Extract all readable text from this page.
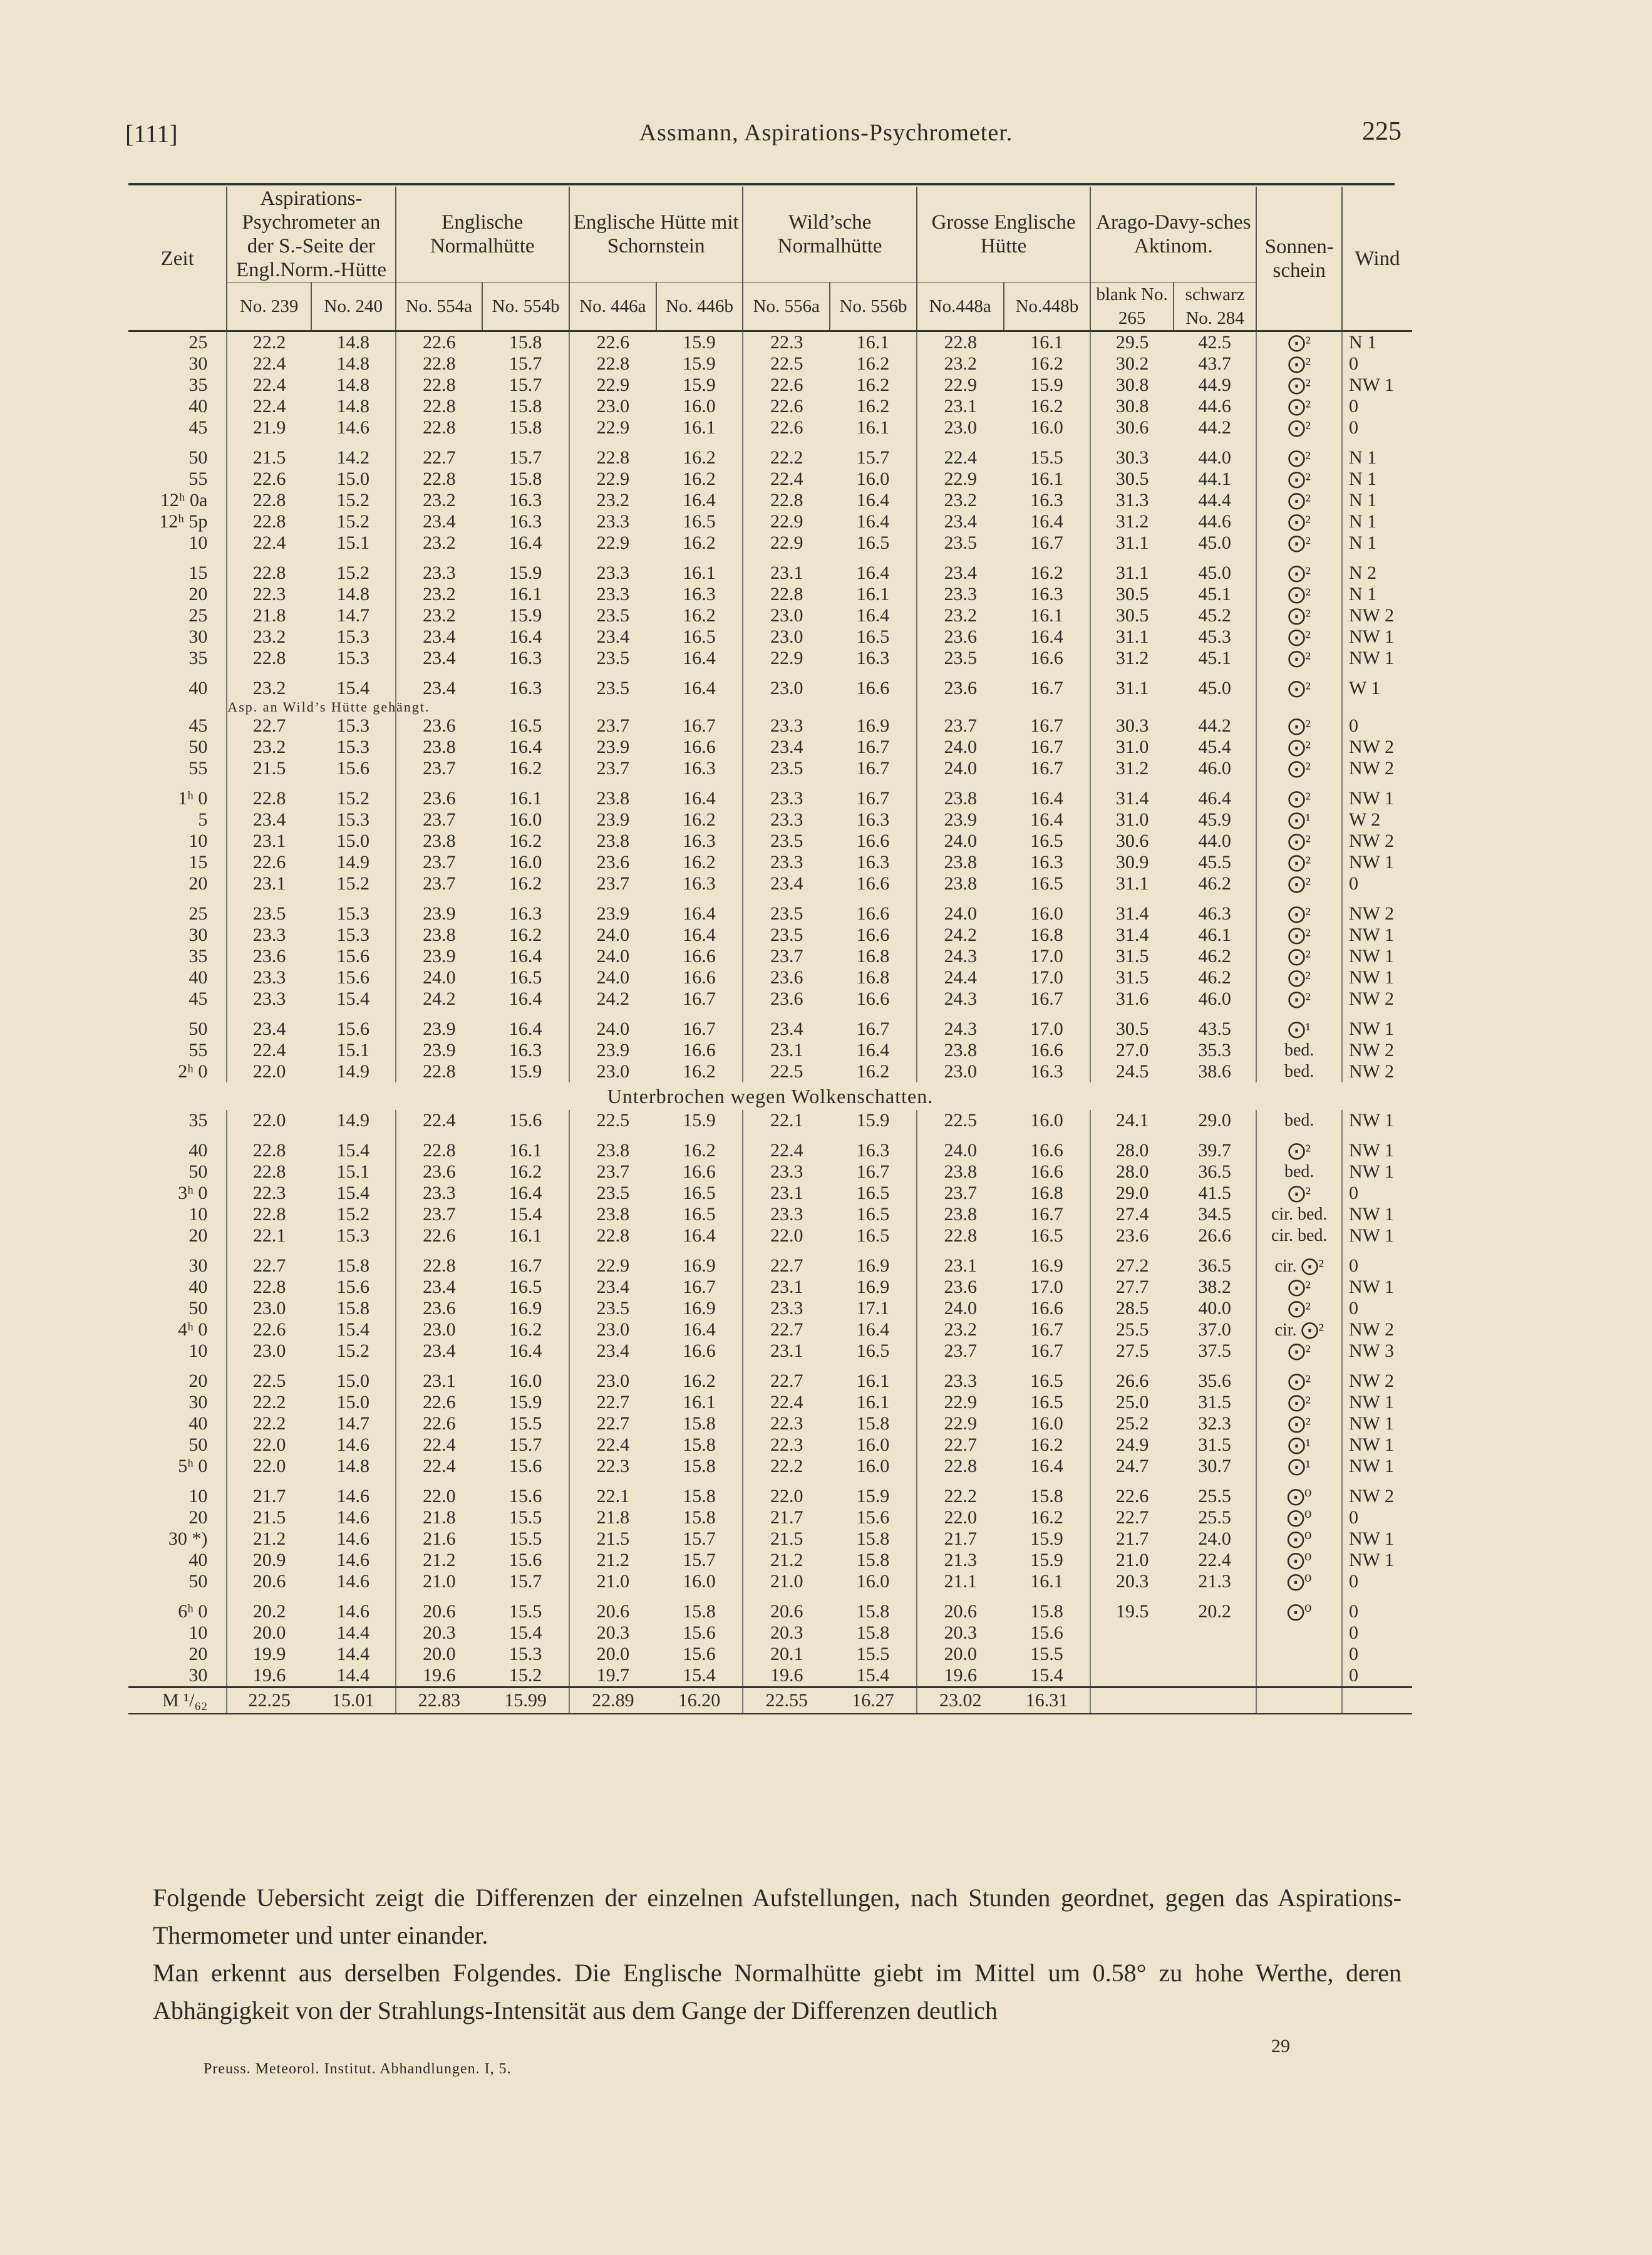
[111]	Assmann, Aspirations-Psychrometer.	225
Zeit	Aspirations-Psychrometer an der S.-Seite der Engl.Norm.-Hütte		Englische Normalhütte		Englische Hütte mit Schornstein		Wild’sche Normalhütte		Grosse Englische Hütte		Arago-Davy-sches Aktinom.		Sonnen-schein	Wind
	No. 239	No. 240	No. 554a	No. 554b	No. 446a	No. 446b	No. 556a	No. 556b	No.448a	No.448b	blank No. 265	schwarz No. 284		
25	22.2	14.8	22.6	15.8	22.6	15.9	22.3	16.1	22.8	16.1	29.5	42.5	⨀²	N 1
30	22.4	14.8	22.8	15.7	22.8	15.9	22.5	16.2	23.2	16.2	30.2	43.7	⨀²	0
35	22.4	14.8	22.8	15.7	22.9	15.9	22.6	16.2	22.9	15.9	30.8	44.9	⨀²	NW 1
40	22.4	14.8	22.8	15.8	23.0	16.0	22.6	16.2	23.1	16.2	30.8	44.6	⨀²	0
45	21.9	14.6	22.8	15.8	22.9	16.1	22.6	16.1	23.0	16.0	30.6	44.2	⨀²	0

50	21.5	14.2	22.7	15.7	22.8	16.2	22.2	15.7	22.4	15.5	30.3	44.0	⨀²	N 1
55	22.6	15.0	22.8	15.8	22.9	16.2	22.4	16.0	22.9	16.1	30.5	44.1	⨀²	N 1
12ʰ 0a	22.8	15.2	23.2	16.3	23.2	16.4	22.8	16.4	23.2	16.3	31.3	44.4	⨀²	N 1
12ʰ 5p	22.8	15.2	23.4	16.3	23.3	16.5	22.9	16.4	23.4	16.4	31.2	44.6	⨀²	N 1
10	22.4	15.1	23.2	16.4	22.9	16.2	22.9	16.5	23.5	16.7	31.1	45.0	⨀²	N 1

15	22.8	15.2	23.3	15.9	23.3	16.1	23.1	16.4	23.4	16.2	31.1	45.0	⨀²	N 2
20	22.3	14.8	23.2	16.1	23.3	16.3	22.8	16.1	23.3	16.3	30.5	45.1	⨀²	N 1
25	21.8	14.7	23.2	15.9	23.5	16.2	23.0	16.4	23.2	16.1	30.5	45.2	⨀²	NW 2
30	23.2	15.3	23.4	16.4	23.4	16.5	23.0	16.5	23.6	16.4	31.1	45.3	⨀²	NW 1
35	22.8	15.3	23.4	16.3	23.5	16.4	22.9	16.3	23.5	16.6	31.2	45.1	⨀²	NW 1

40	23.2	15.4	23.4	16.3	23.5	16.4	23.0	16.6	23.6	16.7	31.1	45.0	⨀²	W 1
	Asp. an Wild’s Hütte gehängt.													
45	22.7	15.3	23.6	16.5	23.7	16.7	23.3	16.9	23.7	16.7	30.3	44.2	⨀²	0
50	23.2	15.3	23.8	16.4	23.9	16.6	23.4	16.7	24.0	16.7	31.0	45.4	⨀²	NW 2
55	21.5	15.6	23.7	16.2	23.7	16.3	23.5	16.7	24.0	16.7	31.2	46.0	⨀²	NW 2

1ʰ 0	22.8	15.2	23.6	16.1	23.8	16.4	23.3	16.7	23.8	16.4	31.4	46.4	⨀²	NW 1
5	23.4	15.3	23.7	16.0	23.9	16.2	23.3	16.3	23.9	16.4	31.0	45.9	⨀¹	W 2
10	23.1	15.0	23.8	16.2	23.8	16.3	23.5	16.6	24.0	16.5	30.6	44.0	⨀²	NW 2
15	22.6	14.9	23.7	16.0	23.6	16.2	23.3	16.3	23.8	16.3	30.9	45.5	⨀²	NW 1
20	23.1	15.2	23.7	16.2	23.7	16.3	23.4	16.6	23.8	16.5	31.1	46.2	⨀²	0

25	23.5	15.3	23.9	16.3	23.9	16.4	23.5	16.6	24.0	16.0	31.4	46.3	⨀²	NW 2
30	23.3	15.3	23.8	16.2	24.0	16.4	23.5	16.6	24.2	16.8	31.4	46.1	⨀²	NW 1
35	23.6	15.6	23.9	16.4	24.0	16.6	23.7	16.8	24.3	17.0	31.5	46.2	⨀²	NW 1
40	23.3	15.6	24.0	16.5	24.0	16.6	23.6	16.8	24.4	17.0	31.5	46.2	⨀²	NW 1
45	23.3	15.4	24.2	16.4	24.2	16.7	23.6	16.6	24.3	16.7	31.6	46.0	⨀²	NW 2

50	23.4	15.6	23.9	16.4	24.0	16.7	23.4	16.7	24.3	17.0	30.5	43.5	⨀¹	NW 1
55	22.4	15.1	23.9	16.3	23.9	16.6	23.1	16.4	23.8	16.6	27.0	35.3	bed.	NW 2
2ʰ 0	22.0	14.9	22.8	15.9	23.0	16.2	22.5	16.2	23.0	16.3	24.5	38.6	bed.	NW 2
Unterbrochen wegen Wolkenschatten.														
35	22.0	14.9	22.4	15.6	22.5	15.9	22.1	15.9	22.5	16.0	24.1	29.0	bed.	NW 1

40	22.8	15.4	22.8	16.1	23.8	16.2	22.4	16.3	24.0	16.6	28.0	39.7	⨀²	NW 1
50	22.8	15.1	23.6	16.2	23.7	16.6	23.3	16.7	23.8	16.6	28.0	36.5	bed.	NW 1
3ʰ 0	22.3	15.4	23.3	16.4	23.5	16.5	23.1	16.5	23.7	16.8	29.0	41.5	⨀²	0
10	22.8	15.2	23.7	15.4	23.8	16.5	23.3	16.5	23.8	16.7	27.4	34.5	cir. bed.	NW 1
20	22.1	15.3	22.6	16.1	22.8	16.4	22.0	16.5	22.8	16.5	23.6	26.6	cir. bed.	NW 1

30	22.7	15.8	22.8	16.7	22.9	16.9	22.7	16.9	23.1	16.9	27.2	36.5	cir. ⨀²	0
40	22.8	15.6	23.4	16.5	23.4	16.7	23.1	16.9	23.6	17.0	27.7	38.2	⨀²	NW 1
50	23.0	15.8	23.6	16.9	23.5	16.9	23.3	17.1	24.0	16.6	28.5	40.0	⨀²	0
4ʰ 0	22.6	15.4	23.0	16.2	23.0	16.4	22.7	16.4	23.2	16.7	25.5	37.0	cir. ⨀²	NW 2
10	23.0	15.2	23.4	16.4	23.4	16.6	23.1	16.5	23.7	16.7	27.5	37.5	⨀²	NW 3

20	22.5	15.0	23.1	16.0	23.0	16.2	22.7	16.1	23.3	16.5	26.6	35.6	⨀²	NW 2
30	22.2	15.0	22.6	15.9	22.7	16.1	22.4	16.1	22.9	16.5	25.0	31.5	⨀²	NW 1
40	22.2	14.7	22.6	15.5	22.7	15.8	22.3	15.8	22.9	16.0	25.2	32.3	⨀²	NW 1
50	22.0	14.6	22.4	15.7	22.4	15.8	22.3	16.0	22.7	16.2	24.9	31.5	⨀¹	NW 1
5ʰ 0	22.0	14.8	22.4	15.6	22.3	15.8	22.2	16.0	22.8	16.4	24.7	30.7	⨀¹	NW 1

10	21.7	14.6	22.0	15.6	22.1	15.8	22.0	15.9	22.2	15.8	22.6	25.5	⨀⁰	NW 2
20	21.5	14.6	21.8	15.5	21.8	15.8	21.7	15.6	22.0	16.2	22.7	25.5	⨀⁰	0
30 *)	21.2	14.6	21.6	15.5	21.5	15.7	21.5	15.8	21.7	15.9	21.7	24.0	⨀⁰	NW 1
40	20.9	14.6	21.2	15.6	21.2	15.7	21.2	15.8	21.3	15.9	21.0	22.4	⨀⁰	NW 1
50	20.6	14.6	21.0	15.7	21.0	16.0	21.0	16.0	21.1	16.1	20.3	21.3	⨀⁰	0

6ʰ 0	20.2	14.6	20.6	15.5	20.6	15.8	20.6	15.8	20.6	15.8	19.5	20.2	⨀⁰	0
10	20.0	14.4	20.3	15.4	20.3	15.6	20.3	15.8	20.3	15.6				0
20	19.9	14.4	20.0	15.3	20.0	15.6	20.1	15.5	20.0	15.5				0
30	19.6	14.4	19.6	15.2	19.7	15.4	19.6	15.4	19.6	15.4				0
M ¹/₆₂	22.25	15.01	22.83	15.99	22.89	16.20	22.55	16.27	23.02	16.31				
Folgende Uebersicht zeigt die Differenzen der einzelnen Aufstellungen, nach Stunden geordnet, gegen das Aspirations-Thermometer und unter einander.
Man erkennt aus derselben Folgendes. Die Englische Normalhütte giebt im Mittel um 0.58° zu hohe Werthe, deren Abhängigkeit von der Strahlungs-Intensität aus dem Gange der Differenzen deutlich
Preuss. Meteorol. Institut. Abhandlungen. I, 5.
29
